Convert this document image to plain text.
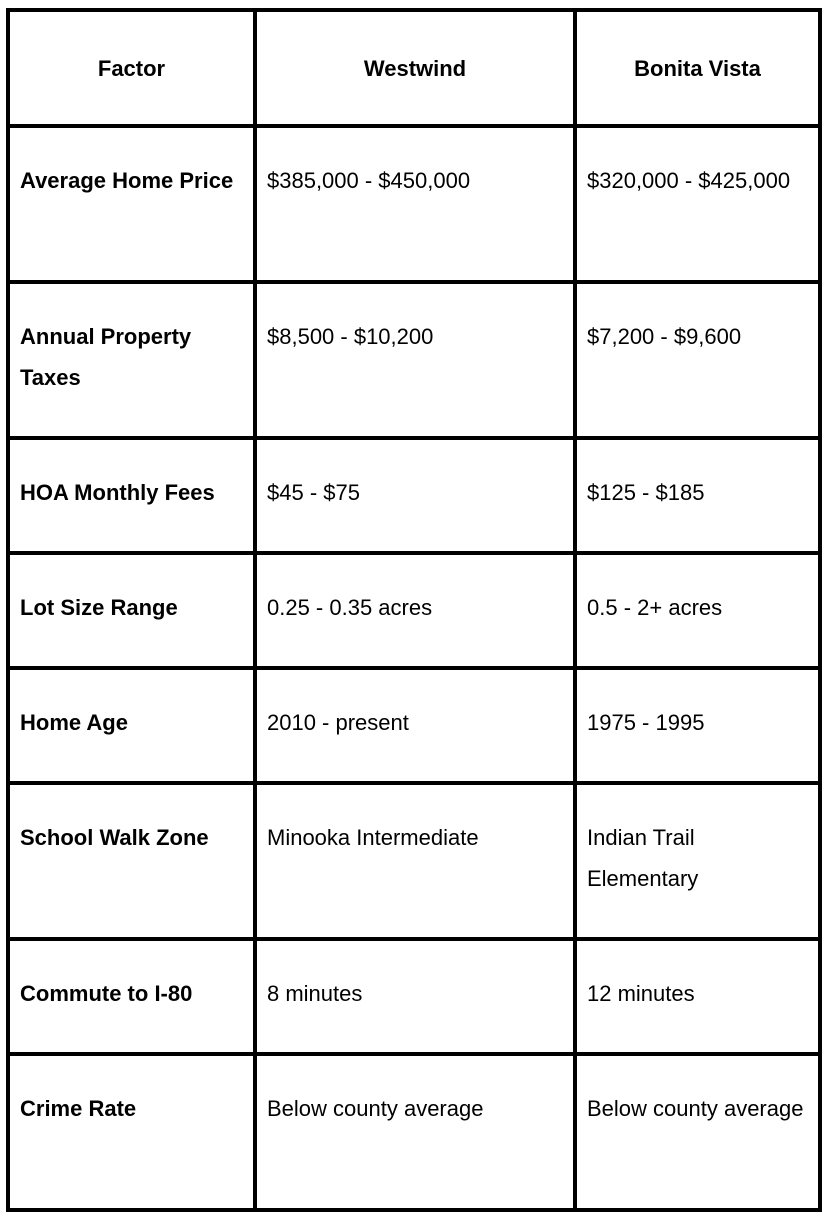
Factor	Westwind	Bonita Vista
Average Home Price	$385,000 - $450,000	$320,000 - $425,000
Annual Property Taxes	$8,500 - $10,200	$7,200 - $9,600
HOA Monthly Fees	$45 - $75	$125 - $185
Lot Size Range	0.25 - 0.35 acres	0.5 - 2+ acres
Home Age	2010 - present	1975 - 1995
School Walk Zone	Minooka Intermediate	Indian Trail Elementary
Commute to I-80	8 minutes	12 minutes
Crime Rate	Below county average	Below county average
